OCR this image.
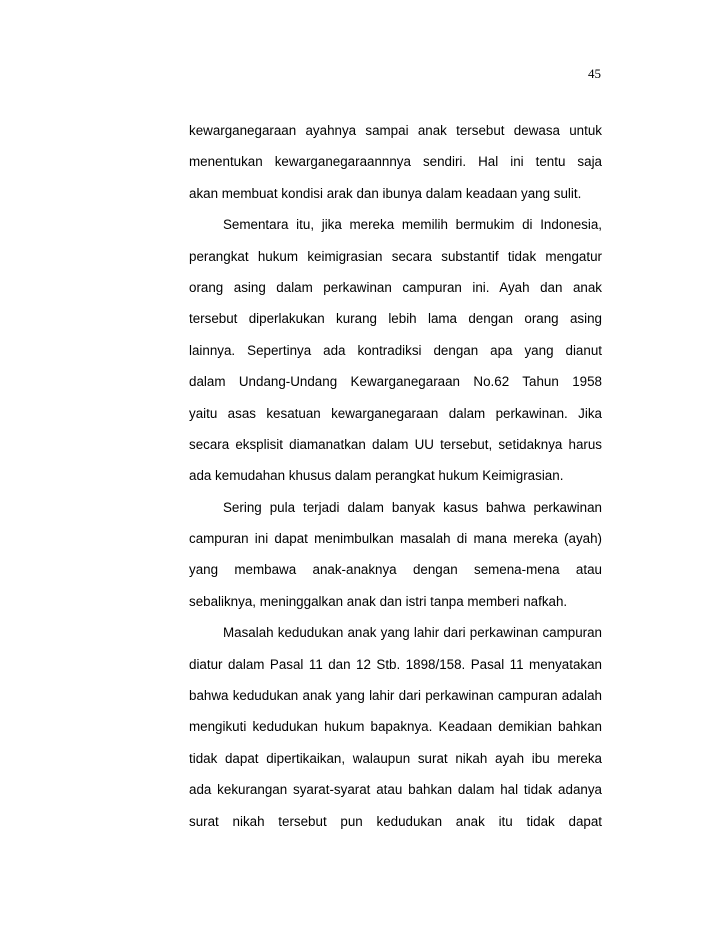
45
kewarganegaraan ayahnya sampai anak tersebut dewasa untuk
menentukan kewarganegaraannnya sendiri. Hal ini tentu saja
akan membuat kondisi arak dan ibunya dalam keadaan yang sulit.
Sementara itu, jika mereka memilih bermukim di Indonesia,
perangkat hukum keimigrasian secara substantif tidak mengatur
orang asing dalam perkawinan campuran ini. Ayah dan anak
tersebut diperlakukan kurang lebih lama dengan orang asing
lainnya. Sepertinya ada kontradiksi dengan apa yang dianut
dalam Undang-Undang Kewarganegaraan No.62 Tahun 1958
yaitu asas kesatuan kewarganegaraan dalam perkawinan. Jika
secara eksplisit diamanatkan dalam UU tersebut, setidaknya harus
ada kemudahan khusus dalam perangkat hukum Keimigrasian.
Sering pula terjadi dalam banyak kasus bahwa perkawinan
campuran ini dapat menimbulkan masalah di mana mereka (ayah)
yang membawa anak-anaknya dengan semena-mena atau
sebaliknya, meninggalkan anak dan istri tanpa memberi nafkah.
Masalah kedudukan anak yang lahir dari perkawinan campuran
diatur dalam Pasal 11 dan 12 Stb. 1898/158. Pasal 11 menyatakan
bahwa kedudukan anak yang lahir dari perkawinan campuran adalah
mengikuti kedudukan hukum bapaknya. Keadaan demikian bahkan
tidak dapat dipertikaikan, walaupun surat nikah ayah ibu mereka
ada kekurangan syarat-syarat atau bahkan dalam hal tidak adanya
surat nikah tersebut pun kedudukan anak itu tidak dapat
